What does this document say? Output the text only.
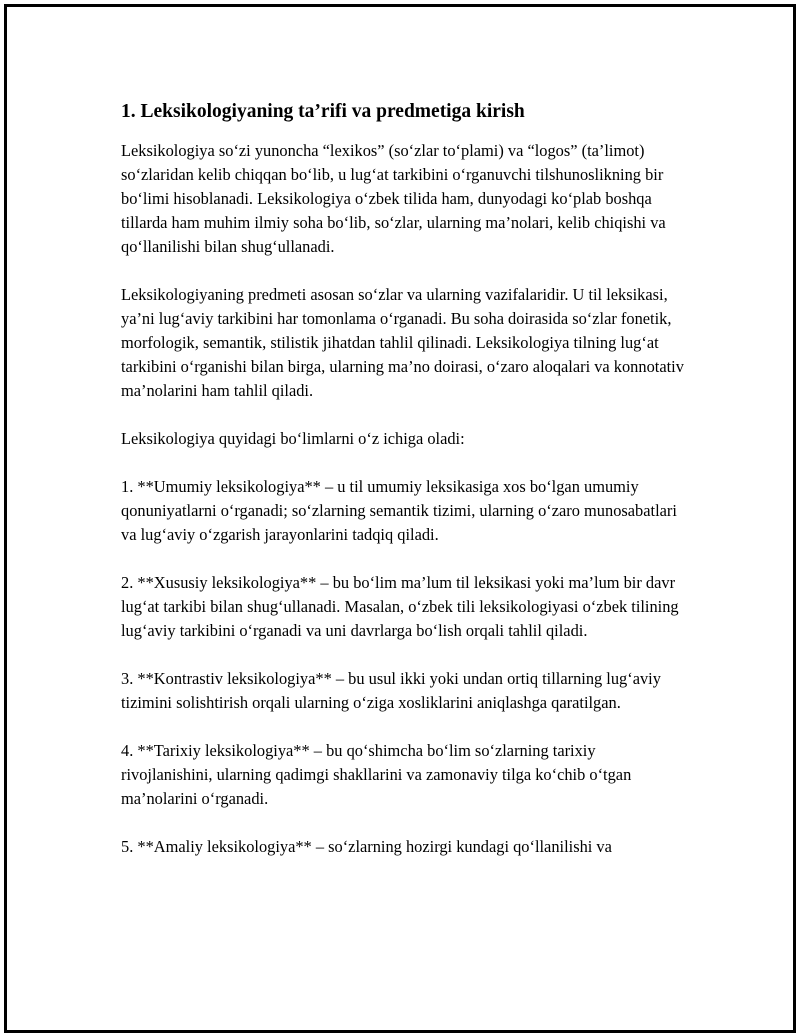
1. Leksikologiyaning ta’rifi va predmetiga kirish

Leksikologiya so‘zi yunoncha “lexikos” (so‘zlar to‘plami) va “logos” (ta’limot) so‘zlaridan kelib chiqqan bo‘lib, u lug‘at tarkibini o‘rganuvchi tilshunoslikning bir bo‘limi hisoblanadi. Leksikologiya o‘zbek tilida ham, dunyodagi ko‘plab boshqa tillarda ham muhim ilmiy soha bo‘lib, so‘zlar, ularning ma’nolari, kelib chiqishi va qo‘llanilishi bilan shug‘ullanadi.

Leksikologiyaning predmeti asosan so‘zlar va ularning vazifalaridir. U til leksikasi, ya’ni lug‘aviy tarkibini har tomonlama o‘rganadi. Bu soha doirasida so‘zlar fonetik, morfologik, semantik, stilistik jihatdan tahlil qilinadi. Leksikologiya tilning lug‘at tarkibini o‘rganishi bilan birga, ularning ma’no doirasi, o‘zaro aloqalari va konnotativ ma’nolarini ham tahlil qiladi.

Leksikologiya quyidagi bo‘limlarni o‘z ichiga oladi:

1. **Umumiy leksikologiya** – u til umumiy leksikasiga xos bo‘lgan umumiy qonuniyatlarni o‘rganadi; so‘zlarning semantik tizimi, ularning o‘zaro munosabatlari va lug‘aviy o‘zgarish jarayonlarini tadqiq qiladi.

2. **Xususiy leksikologiya** – bu bo‘lim ma’lum til leksikasi yoki ma’lum bir davr lug‘at tarkibi bilan shug‘ullanadi. Masalan, o‘zbek tili leksikologiyasi o‘zbek tilining lug‘aviy tarkibini o‘rganadi va uni davrlarga bo‘lish orqali tahlil qiladi.

3. **Kontrastiv leksikologiya** – bu usul ikki yoki undan ortiq tillarning lug‘aviy tizimini solishtirish orqali ularning o‘ziga xosliklarini aniqlashga qaratilgan.

4. **Tarixiy leksikologiya** – bu qo‘shimcha bo‘lim so‘zlarning tarixiy rivojlanishini, ularning qadimgi shakllarini va zamonaviy tilga ko‘chib o‘tgan ma’nolarini o‘rganadi.

5. **Amaliy leksikologiya** – so‘zlarning hozirgi kundagi qo‘llanilishi va
